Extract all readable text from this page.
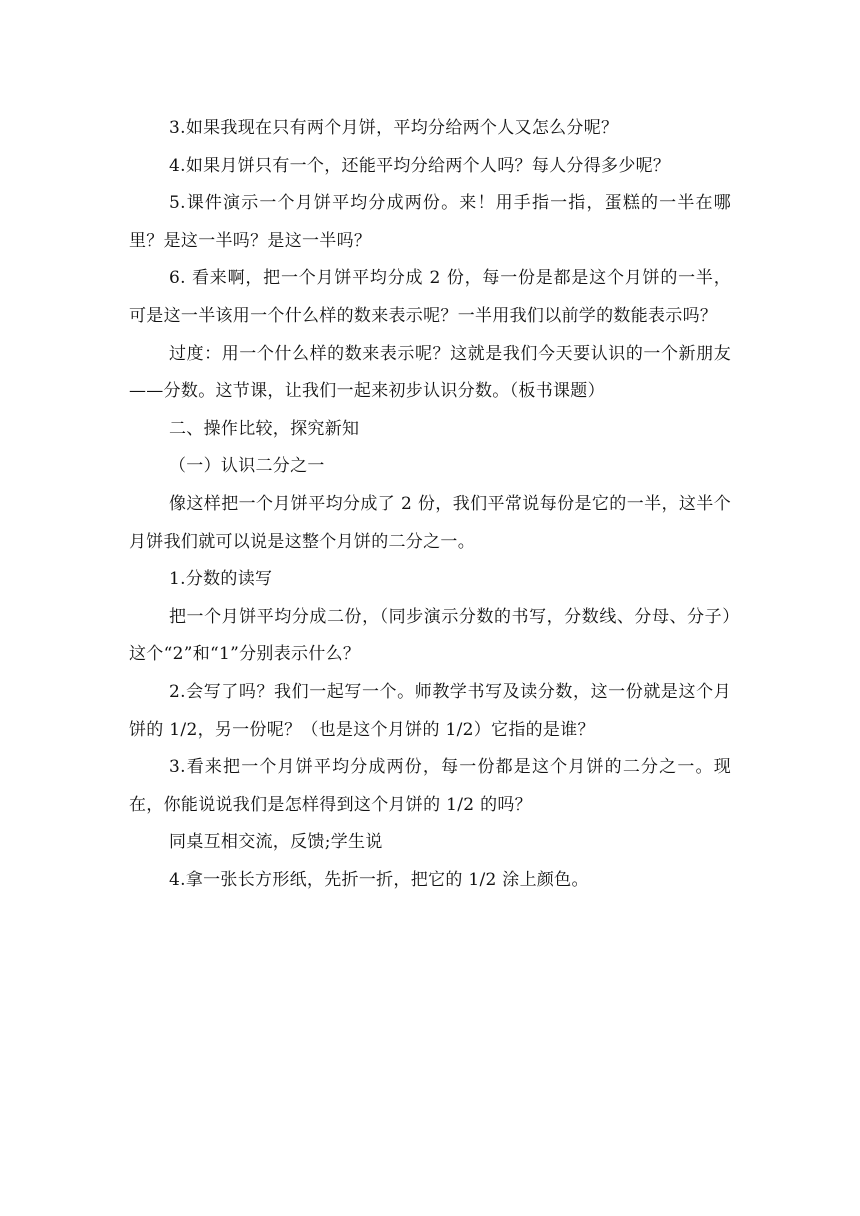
3.如果我现在只有两个月饼，平均分给两个人又怎么分呢？

4.如果月饼只有一个，还能平均分给两个人吗？每人分得多少呢？

5.课件演示一个月饼平均分成两份。来！用手指一指，蛋糕的一半在哪里？是这一半吗？是这一半吗？

6. 看来啊，把一个月饼平均分成 2 份，每一份是都是这个月饼的一半，可是这一半该用一个什么样的数来表示呢？一半用我们以前学的数能表示吗？

过度：用一个什么样的数来表示呢？这就是我们今天要认识的一个新朋友——分数。这节课，让我们一起来初步认识分数。（板书课题）

二、操作比较，探究新知

（一）认识二分之一

像这样把一个月饼平均分成了 2 份，我们平常说每份是它的一半，这半个月饼我们就可以说是这整个月饼的二分之一。

1.分数的读写

把一个月饼平均分成二份，（同步演示分数的书写，分数线、分母、分子）这个“2”和“1”分别表示什么？

2.会写了吗？我们一起写一个。师教学书写及读分数，这一份就是这个月饼的 1/2，另一份呢？（也是这个月饼的 1/2）它指的是谁？

3.看来把一个月饼平均分成两份，每一份都是这个月饼的二分之一。现在，你能说说我们是怎样得到这个月饼的 1/2 的吗？

同桌互相交流，反馈;学生说

4.拿一张长方形纸，先折一折，把它的 1/2 涂上颜色。
